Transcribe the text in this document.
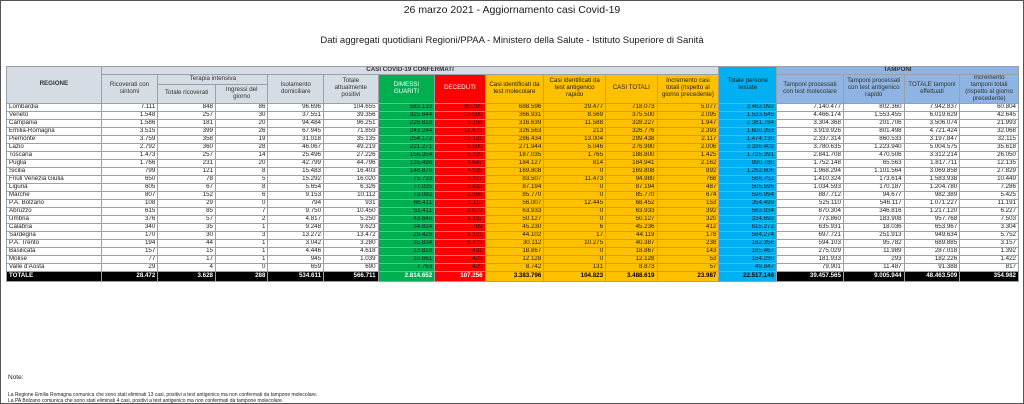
26 marzo 2021 - Aggiornamento casi Covid-19
Dati aggregati quotidiani Regioni/PPAA - Ministero della Salute - Istituto Superiore di Sanità
REGIONE	CASI COVID-19 CONFERMATI											Totale persone testate	TAMPONI			
	Ricoverati con sintomi	Terapia intensiva		Isolamento domiciliare	Totale attualmente positivi	DIMESSI GUARITI	DECEDUTI	Casi identificati da test molecolare	Casi identificati da test antigenico rapido	CASI TOTALI	Incremento casi totali (rispetto al giorno precedente)		Tamponi processati con test molecolare	Tamponi processati con test antigenico rapido	TOTALE tamponi effettuati	Incremento tamponi totali (rispetto al giorno precedente)
		Totale ricoverati	Ingressi del giorno													
Lombardia	7.111	848	86	96.696	104.655	583.133	30.285	688.596	29.477	718.073	5.077	3.463.092	7.140.477	802.360	7.942.837	60.804
Veneto	1.548	257	30	37.551	39.356	325.644	10.500	366.931	8.569	375.500	2.095	1.533.645	4.466.174	1.553.455	6.019.629	42.645
Campania	1.586	181	20	94.484	96.251	226.818	5.158	316.639	11.588	328.227	1.947	2.381.784	3.304.368	201.706	3.506.074	21.993
Emilia-Romagna	3.515	399	26	67.945	71.859	243.244	11.673	326.563	213	326.776	2.393	1.600.353	3.919.926	801.498	4.721.424	32.068
Piemonte	3.759	358	19	31.018	35.135	254.172	10.131	286.434	13.004	299.438	2.117	1.474.130	2.337.314	860.533	3.197.847	32.115
Lazio	2.792	360	28	46.067	49.219	221.271	6.500	271.944	5.046	276.990	2.006	3.336.402	3.780.635	1.223.940	5.004.575	35.618
Toscana	1.473	257	14	25.496	27.226	156.354	5.220	187.035	1.765	188.800	1.425	1.725.391	2.841.708	470.506	3.312.214	26.050
Puglia	1.766	231	20	42.799	44.796	135.498	4.647	184.127	814	184.941	2.162	990.780	1.752.148	65.563	1.817.711	12.135
Sicilia	799	121	8	15.483	16.403	148.870	4.535	169.808	0	169.808	892	1.262.606	1.968.294	1.101.564	3.069.858	27.829
Friuli Venezia Giulia	650	78	5	15.292	16.020	75.733	3.227	83.507	11.473	94.980	768	566.752	1.410.324	173.614	1.583.938	10.449
Liguria	605	67	8	5.654	6.326	77.035	3.833	87.194	0	87.194	487	505.596	1.034.593	170.187	1.204.780	7.286
Marche	807	152	6	9.153	10.112	73.092	2.566	85.770	0	85.770	674	596.994	887.712	94.677	982.389	5.425
P.A. Bolzano	108	29	0	794	931	66.411	1.110	56.007	12.445	68.452	153	354.499	525.110	546.117	1.071.227	11.191
Abruzzo	615	85	7	9.750	10.450	51.411	2.072	63.933	0	63.933	392	563.934	870.304	346.816	1.217.120	6.227
Umbria	376	57	2	4.817	5.250	43.640	1.237	50.127	0	50.127	320	334.692	773.860	183.908	957.768	7.503
Calabria	340	35	1	9.248	9.623	34.824	789	45.230	6	45.236	412	615.272	635.931	18.036	653.967	3.304
Sardegna	170	30	3	13.272	13.472	29.426	1.221	44.102	17	44.119	178	584.274	697.721	251.913	949.634	5.752
P.A. Trento	194	44	1	3.042	3.280	35.834	1.273	30.112	10.275	40.387	238	182.356	594.103	95.782	689.885	3.157
Basilicata	157	15	1	4.446	4.618	13.818	431	18.867	0	18.867	143	165.467	275.029	11.989	287.018	1.392
Molise	77	17	1	945	1.039	10.661	428	12.128	0	12.128	53	164.280	181.933	293	182.226	1.422
Valle d'Aosta	29	4	0	659	690	7.763	420	8.742	131	8.873	57	49.847	79.901	11.487	91.388	817
TOTALE	28.472	3.628	288	534.611	566.711	2.814.652	107.256	3.383.796	104.823	3.488.619	23.987	22.517.146	39.457.565	9.005.944	48.463.509	354.982
Note:
La Regione Emilia Romagna comunica che sono stati eliminati 13 casi, positivi a test antigenico ma non confermati da tampone molecolare.
La PA Bolzano comunica che sono stati eliminati 4 casi, positivi a test antigenico ma non confermati da tampone molecolare.
